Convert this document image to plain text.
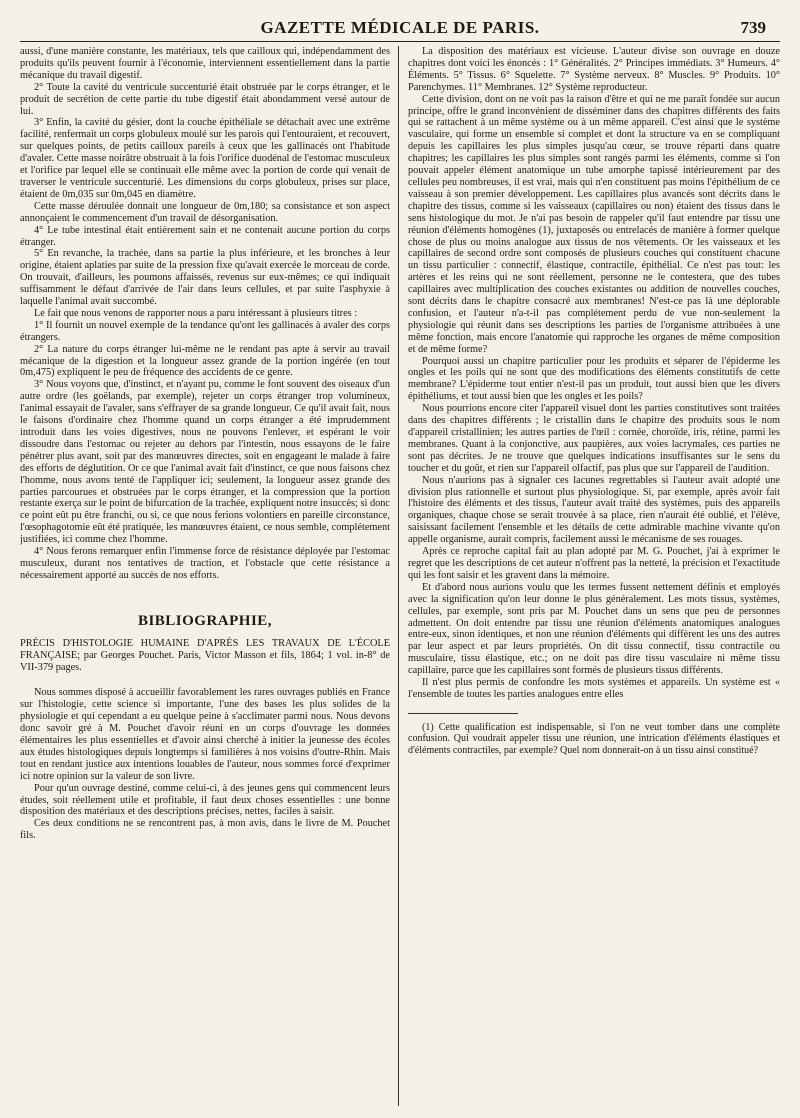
GAZETTE MÉDICALE DE PARIS.	739

aussi, d'une manière constante, les matériaux, tels que cailloux qui, indépendamment des produits qu'ils peuvent fournir à l'économie, interviennent essentiellement dans la partie mécanique du travail digestif.

2° Toute la cavité du ventricule succenturié était obstruée par le corps étranger, et le produit de secrétion de cette partie du tube digestif était abondamment versé autour de lui.

3° Enfin, la cavité du gésier, dont la couche épithéliale se détachait avec une extrême facilité, renfermait un corps globuleux moulé sur les parois qui l'entouraient, et recouvert, sur quelques points, de petits cailloux pareils à ceux que les gallinacés ont l'habitude d'avaler. Cette masse noirâtre obstruait à la fois l'orifice duodénal de l'estomac musculeux et l'orifice par lequel elle se continuait elle même avec la portion de corde qui venait de traverser le ventricule succenturié. Les dimensions du corps globuleux, prises sur place, étaient de 0m,035 sur 0m,045 en diamètre.

Cette masse déroulée donnait une longueur de 0m,180; sa consistance et son aspect annonçaient le commencement d'un travail de désorganisation.

4° Le tube intestinal était entièrement sain et ne contenait aucune portion du corps étranger.

5° En revanche, la trachée, dans sa partie la plus inférieure, et les bronches à leur origine, étaient aplaties par suite de la pression fixe qu'avait exercée le morceau de corde. On trouvait, d'ailleurs, les poumons affaissés, revenus sur eux-mêmes; ce qui indiquait suffisamment le défaut d'arrivée de l'air dans leurs cellules, et par suite l'asphyxie à laquelle l'animal avait succombé.

Le fait que nous venons de rapporter nous a paru intéressant à plusieurs titres :

1° Il fournit un nouvel exemple de la tendance qu'ont les gallinacés à avaler des corps étrangers.

2° La nature du corps étranger lui-même ne le rendant pas apte à servir au travail mécanique de la digestion et la longueur assez grande de la portion ingérée (en tout 0m,475) expliquent le peu de fréquence des accidents de ce genre.

3° Nous voyons que, d'instinct, et n'ayant pu, comme le font souvent des oiseaux d'un autre ordre (les goëlands, par exemple), rejeter un corps étranger trop volumineux, l'animal essayait de l'avaler, sans s'effrayer de sa grande longueur. Ce qu'il avait fait, nous le faisons d'ordinaire chez l'homme quand un corps étranger a été imprudemment introduit dans les voies digestives, nous ne pouvons l'enlever, et espérant le voir dissoudre dans l'estomac ou rejeter au dehors par l'intestin, nous essayons de le faire pénétrer plus avant, soit par des manœuvres directes, soit en engageant le malade à faire des efforts de déglutition. Or ce que l'animal avait fait d'instinct, ce que nous faisons chez l'homme, nous avons tenté de l'appliquer ici; seulement, la longueur assez grande des parties parcourues et obstruées par le corps étranger, et la compression que la portion restante exerça sur le point de bifurcation de la trachée, expliquent notre insuccès; si donc ce point eût pu être franchi, ou si, ce que nous ferions volontiers en pareille circonstance, l'œsophagotomie eût été pratiquée, les manœuvres étaient, ce nous semble, complétement justifiées, ici comme chez l'homme.

4° Nous ferons remarquer enfin l'immense force de résistance déployée par l'estomac musculeux, durant nos tentatives de traction, et l'obstacle que cette résistance a nécessairement apporté au succès de nos efforts.

BIBLIOGRAPHIE,

PRÉCIS D'HISTOLOGIE HUMAINE D'APRÈS LES TRAVAUX DE L'ÉCOLE FRANÇAISE; par Georges Pouchet. Paris, Victor Masson et fils, 1864; 1 vol. in-8° de VII-379 pages.

Nous sommes disposé à accueillir favorablement les rares ouvrages publiés en France sur l'histologie, cette science si importante, l'une des bases les plus solides de la physiologie et qui cependant a eu quelque peine à s'acclimater parmi nous. Nous devons donc savoir gré à M. Pouchet d'avoir réuni en un corps d'ouvrage les données élémentaires les plus essentielles et d'avoir ainsi cherché à initier la jeunesse des écoles aux études histologiques depuis longtemps si familières à nos voisins d'outre-Rhin. Mais tout en rendant justice aux intentions louables de l'auteur, nous sommes forcé d'exprimer ici notre opinion sur la valeur de son livre.

Pour qu'un ouvrage destiné, comme celui-ci, à des jeunes gens qui commencent leurs études, soit réellement utile et profitable, il faut deux choses essentielles : une bonne disposition des matériaux et des descriptions précises, nettes, faciles à saisir.

Ces deux conditions ne se rencontrent pas, à mon avis, dans le livre de M. Pouchet fils.

La disposition des matériaux est vicieuse. L'auteur divise son ouvrage en douze chapitres dont voici les énoncés : 1° Généralités. 2° Principes immédiats. 3° Humeurs. 4° Éléments. 5° Tissus. 6° Squelette. 7° Système nerveux. 8° Muscles. 9° Produits. 10° Parenchymes. 11° Membranes. 12° Système reproducteur.

Cette division, dont on ne voit pas la raison d'être et qui ne me paraît fondée sur aucun principe, offre le grand inconvénient de disséminer dans des chapitres différents des faits qui se rattachent à un même système ou à un même appareil. C'est ainsi que le système vasculaire, qui forme un ensemble si complet et dont la structure va en se compliquant depuis les capillaires les plus simples jusqu'au cœur, se trouve réparti dans quatre chapitres; les capillaires les plus simples sont rangés parmi les éléments, comme si l'on pouvait appeler élément anatomique un tube amorphe tapissé intérieurement par des cellules peu nombreuses, il est vrai, mais qui n'en constituent pas moins l'épithélium de ce vaisseau à son premier développement. Les capillaires plus avancés sont décrits dans le chapitre des tissus, comme si les vaisseaux (capillaires ou non) étaient des tissus dans le sens histologique du mot. Je n'ai pas besoin de rappeler qu'il faut entendre par tissu une réunion d'éléments homogènes (1), juxtaposés ou entrelacés de manière à former quelque chose de plus ou moins analogue aux tissus de nos vêtements. Or les vaisseaux et les capillaires de second ordre sont composés de plusieurs couches qui constituent chacune un tissu particulier : connectif, élastique, contractile, épithélial. Ce n'est pas tout: les artères et les reins qui ne sont réellement, personne ne le contestera, que des tubes capillaires avec multiplication des couches existantes ou addition de nouvelles couches, sont décrits dans le chapitre consacré aux membranes! N'est-ce pas là une déplorable confusion, et l'auteur n'a-t-il pas complétement perdu de vue non-seulement la physiologie qui réunit dans ses descriptions les parties de l'organisme attribuées à une même fonction, mais encore l'anatomie qui rapproche les organes de même composition et de même forme?

Pourquoi aussi un chapitre particulier pour les produits et séparer de l'épiderme les ongles et les poils qui ne sont que des modifications des éléments constitutifs de cette membrane? L'épiderme tout entier n'est-il pas un produit, tout aussi bien que les divers épithéliums, et tout aussi bien que les ongles et les poils?

Nous pourrions encore citer l'appareil visuel dont les parties constitutives sont traitées dans des chapitres différents ; le cristallin dans le chapitre des produits sous le nom d'appareil cristallinien; les autres parties de l'œil : cornée, choroïde, iris, rétine, parmi les membranes. Quant à la conjonctive, aux paupières, aux voies lacrymales, ces parties ne sont pas décrites. Je ne trouve que quelques indications insuffisantes sur le sens du toucher et du goût, et rien sur l'appareil olfactif, pas plus que sur l'appareil de l'audition.

Nous n'aurions pas à signaler ces lacunes regrettables si l'auteur avait adopté une division plus rationnelle et surtout plus physiologique. Si, par exemple, après avoir fait l'histoire des éléments et des tissus, l'auteur avait traité des systèmes, puis des appareils organiques, chaque chose se serait trouvée à sa place, rien n'aurait été oublié, et l'élève, saisissant facilement l'ensemble et les détails de cette admirable machine vivante qu'on appelle organisme, aurait compris, facilement aussi le mécanisme de ses rouages.

Après ce reproche capital fait au plan adopté par M. G. Pouchet, j'ai à exprimer le regret que les descriptions de cet auteur n'offrent pas la netteté, la précision et l'exactitude qui les font saisir et les gravent dans la mémoire.

Et d'abord nous aurions voulu que les termes fussent nettement définis et employés avec la signification qu'on leur donne le plus généralement. Les mots tissus, systèmes, cellules, par exemple, sont pris par M. Pouchet dans un sens que peu de personnes admettent. On doit entendre par tissu une réunion d'éléments anatomiques analogues entre-eux, sinon identiques, et non une réunion d'éléments qui diffèrent les uns des autres par leur aspect et par leurs propriétés. On dit tissu connectif, tissu contractile ou musculaire, tissu élastique, etc.; on ne doit pas dire tissu vasculaire ni même tissu capillaire, parce que les capillaires sont formés de plusieurs tissus différents.

Il n'est plus permis de confondre les mots systèmes et appareils. Un système est « l'ensemble de toutes les parties analogues entre elles

(1) Cette qualification est indispensable, si l'on ne veut tomber dans une complète confusion. Qui voudrait appeler tissu une réunion, une intrication d'éléments élastiques et d'éléments contractiles, par exemple? Quel nom donnerait-on à un tissu ainsi constitué?
